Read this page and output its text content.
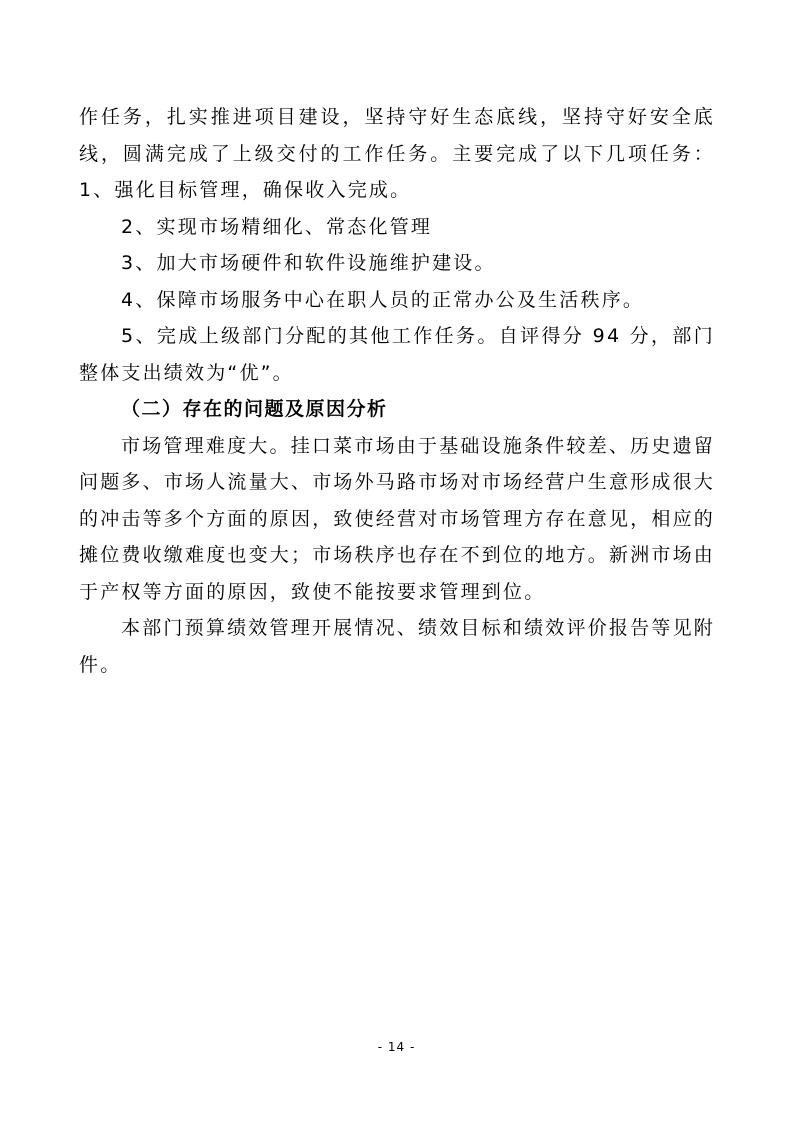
作任务，扎实推进项目建设，坚持守好生态底线，坚持守好安全底线，圆满完成了上级交付的工作任务。主要完成了以下几项任务：1、强化目标管理，确保收入完成。

2、实现市场精细化、常态化管理

3、加大市场硬件和软件设施维护建设。

4、保障市场服务中心在职人员的正常办公及生活秩序。

5、完成上级部门分配的其他工作任务。自评得分 94 分，部门整体支出绩效为“优”。

（二）存在的问题及原因分析

市场管理难度大。挂口菜市场由于基础设施条件较差、历史遗留问题多、市场人流量大、市场外马路市场对市场经营户生意形成很大的冲击等多个方面的原因，致使经营对市场管理方存在意见，相应的摊位费收缴难度也变大；市场秩序也存在不到位的地方。新洲市场由于产权等方面的原因，致使不能按要求管理到位。

本部门预算绩效管理开展情况、绩效目标和绩效评价报告等见附件。

- 14 -
